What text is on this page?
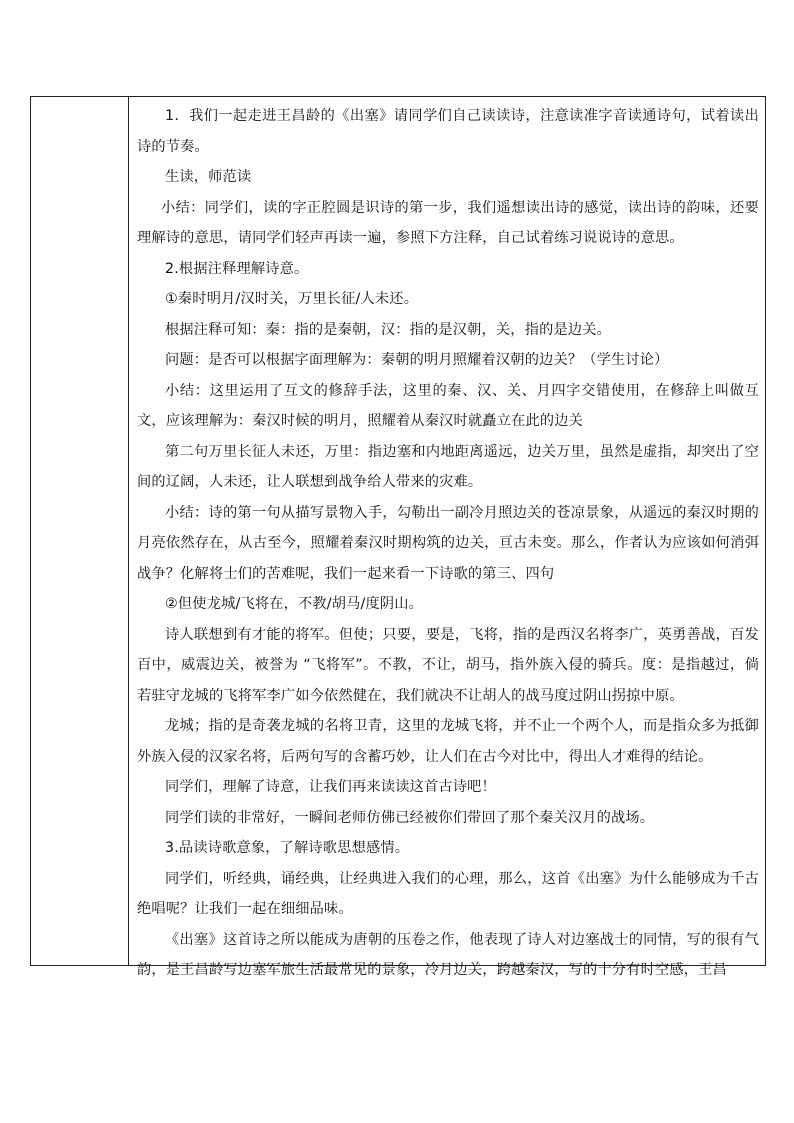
1．我们一起走进王昌龄的《出塞》请同学们自己读读诗，注意读准字音读通诗句，试着读出诗的节奏。

生读，师范读

小结：同学们，读的字正腔圆是识诗的第一步，我们遥想读出诗的感觉，读出诗的韵味，还要理解诗的意思，请同学们轻声再读一遍，参照下方注释，自己试着练习说说诗的意思。

2.根据注释理解诗意。

①秦时明月/汉时关，万里长征/人未还。

根据注释可知：秦：指的是秦朝，汉：指的是汉朝，关，指的是边关。

问题：是否可以根据字面理解为：秦朝的明月照耀着汉朝的边关？（学生讨论）

小结：这里运用了互文的修辞手法，这里的秦、汉、关、月四字交错使用，在修辞上叫做互文，应该理解为：秦汉时候的明月，照耀着从秦汉时就矗立在此的边关

第二句万里长征人未还，万里：指边塞和内地距离遥远，边关万里，虽然是虚指，却突出了空间的辽阔，人未还，让人联想到战争给人带来的灾难。

小结：诗的第一句从描写景物入手，勾勒出一副冷月照边关的苍凉景象，从遥远的秦汉时期的月亮依然存在，从古至今，照耀着秦汉时期构筑的边关，亘古未变。那么，作者认为应该如何消弭战争？化解将士们的苦难呢，我们一起来看一下诗歌的第三、四句

②但使龙城/飞将在，不教/胡马/度阴山。

诗人联想到有才能的将军。但使；只要，要是，飞将，指的是西汉名将李广，英勇善战，百发百中，威震边关，被誉为 “飞将军”。不教，不让，胡马，指外族入侵的骑兵。度：是指越过，倘若驻守龙城的飞将军李广如今依然健在，我们就决不让胡人的战马度过阴山拐掠中原。

龙城；指的是奇袭龙城的名将卫青，这里的龙城飞将，并不止一个两个人，而是指众多为抵御外族入侵的汉家名将，后两句写的含蓄巧妙，让人们在古今对比中，得出人才难得的结论。

同学们，理解了诗意，让我们再来读读这首古诗吧！

同学们读的非常好，一瞬间老师仿佛已经被你们带回了那个秦关汉月的战场。

3.品读诗歌意象，了解诗歌思想感情。

同学们，听经典，诵经典，让经典进入我们的心理，那么，这首《出塞》为什么能够成为千古绝唱呢？让我们一起在细细品味。

《出塞》这首诗之所以能成为唐朝的压卷之作，他表现了诗人对边塞战士的同情，写的很有气韵，是王昌龄写边塞军旅生活最常见的景象，冷月边关，跨越秦汉，写的十分有时空感，王昌
